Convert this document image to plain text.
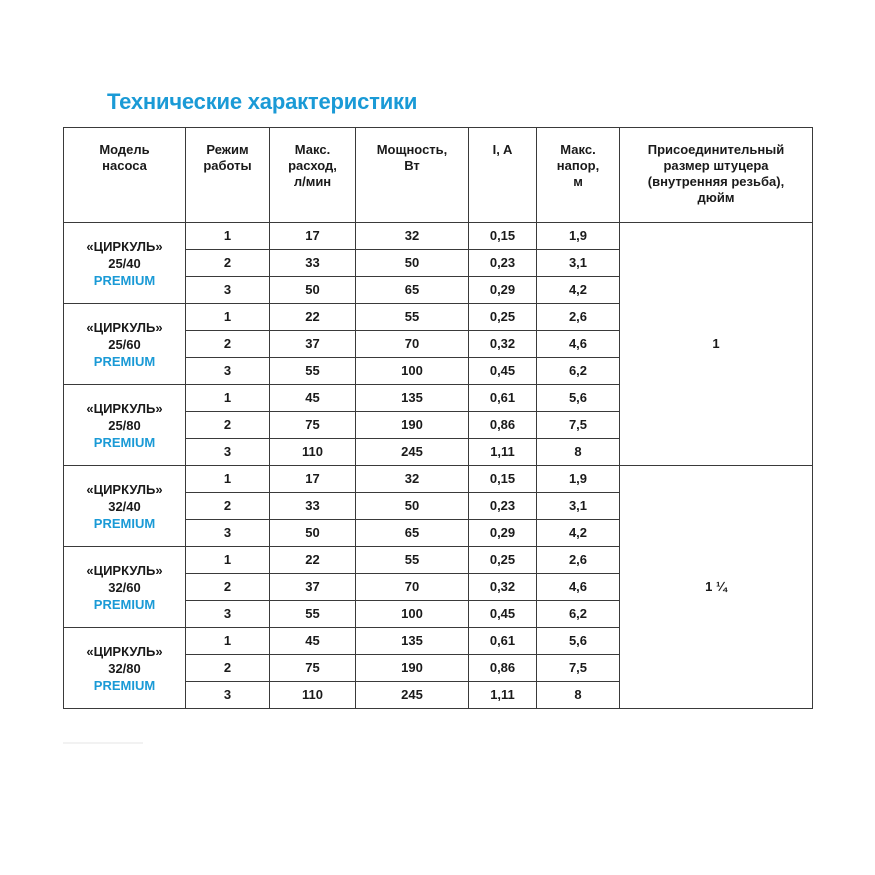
Технические характеристики
Модель
насоса	Режим
работы	Макс.
расход,
л/мин	Мощность,
Вт	I, A	Макс.
напор,
м	Присоединительный
размер штуцера
(внутренняя резьба),
дюйм

«ЦИРКУЛЬ»
25/40
PREMIUM	1	17	32	0,15	1,9	1
	2	33	50	0,23	3,1	
	3	50	65	0,29	4,2	

«ЦИРКУЛЬ»
25/60
PREMIUM	1	22	55	0,25	2,6	
	2	37	70	0,32	4,6	
	3	55	100	0,45	6,2	

«ЦИРКУЛЬ»
25/80
PREMIUM	1	45	135	0,61	5,6	
	2	75	190	0,86	7,5	
	3	110	245	1,11	8	

«ЦИРКУЛЬ»
32/40
PREMIUM	1	17	32	0,15	1,9	1 ¼
	2	33	50	0,23	3,1	
	3	50	65	0,29	4,2	

«ЦИРКУЛЬ»
32/60
PREMIUM	1	22	55	0,25	2,6	
	2	37	70	0,32	4,6	
	3	55	100	0,45	6,2	

«ЦИРКУЛЬ»
32/80
PREMIUM	1	45	135	0,61	5,6	
	2	75	190	0,86	7,5	
	3	110	245	1,11	8	
